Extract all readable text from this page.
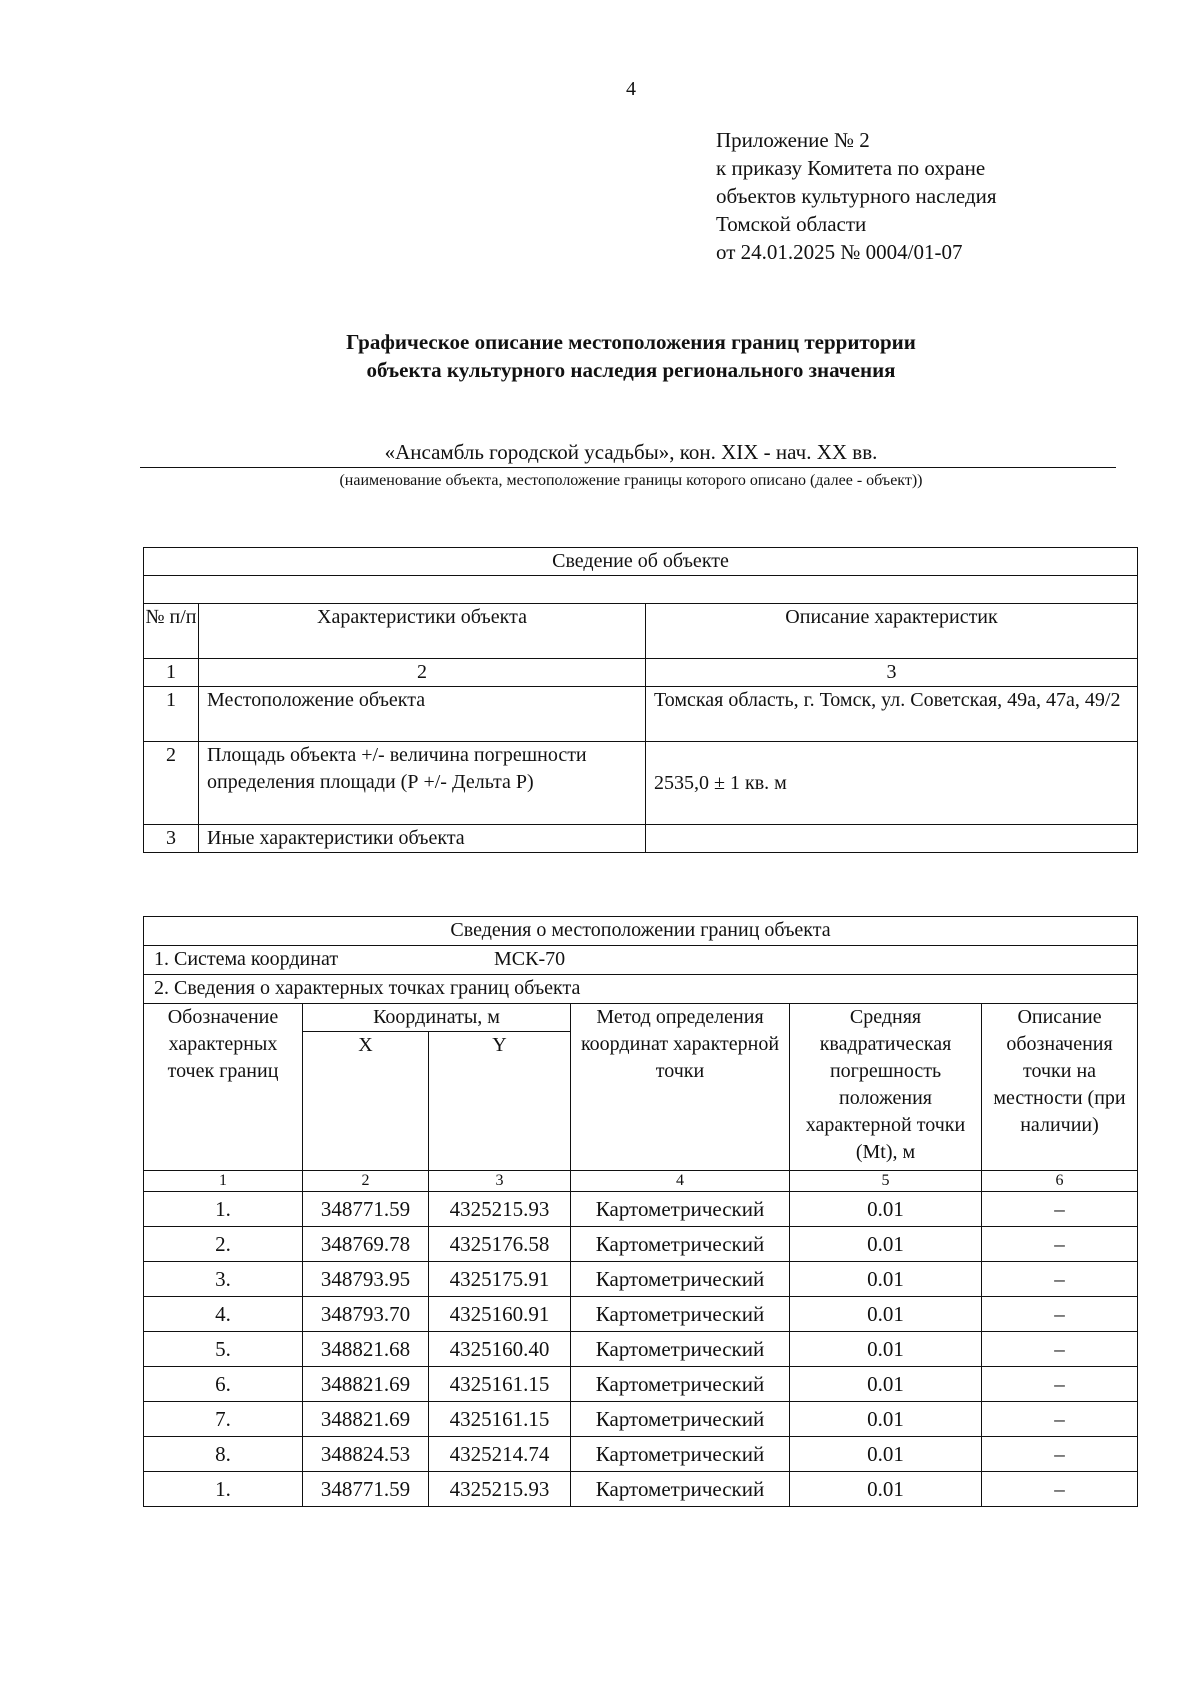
4
Приложение № 2
к приказу Комитета по охране
объектов культурного наследия
Томской области
от 24.01.2025 № 0004/01-07
Графическое описание местоположения границ территории
объекта культурного наследия регионального значения
«Ансамбль городской усадьбы», кон. XIX - нач. XX вв.
(наименование объекта, местоположение границы которого описано (далее - объект))
Сведение об объекте		

№ п/п	Характеристики объекта	Описание характеристик
1	2	3
1	Местоположение объекта	Томская область, г. Томск, ул. Советская, 49а, 47а, 49/2
2	Площадь объекта +/- величина погрешности определения площади (Р +/- Дельта Р)	2535,0 ± 1 кв. м
3	Иные характеристики объекта	
Сведения о местоположении границ объекта					
1. Система координат МСК-70					
2. Сведения о характерных точках границ объекта					
Обозначение характерных точек границ	Координаты, м		Метод определения координат характерной точки	Средняя квадратическая погрешность положения характерной точки (Mt), м	Описание обозначения точки на местности (при наличии)
	X	Y			
1	2	3	4	5	6
1.	348771.59	4325215.93	Картометрический	0.01	–
2.	348769.78	4325176.58	Картометрический	0.01	–
3.	348793.95	4325175.91	Картометрический	0.01	–
4.	348793.70	4325160.91	Картометрический	0.01	–
5.	348821.68	4325160.40	Картометрический	0.01	–
6.	348821.69	4325161.15	Картометрический	0.01	–
7.	348821.69	4325161.15	Картометрический	0.01	–
8.	348824.53	4325214.74	Картометрический	0.01	–
1.	348771.59	4325215.93	Картометрический	0.01	–
